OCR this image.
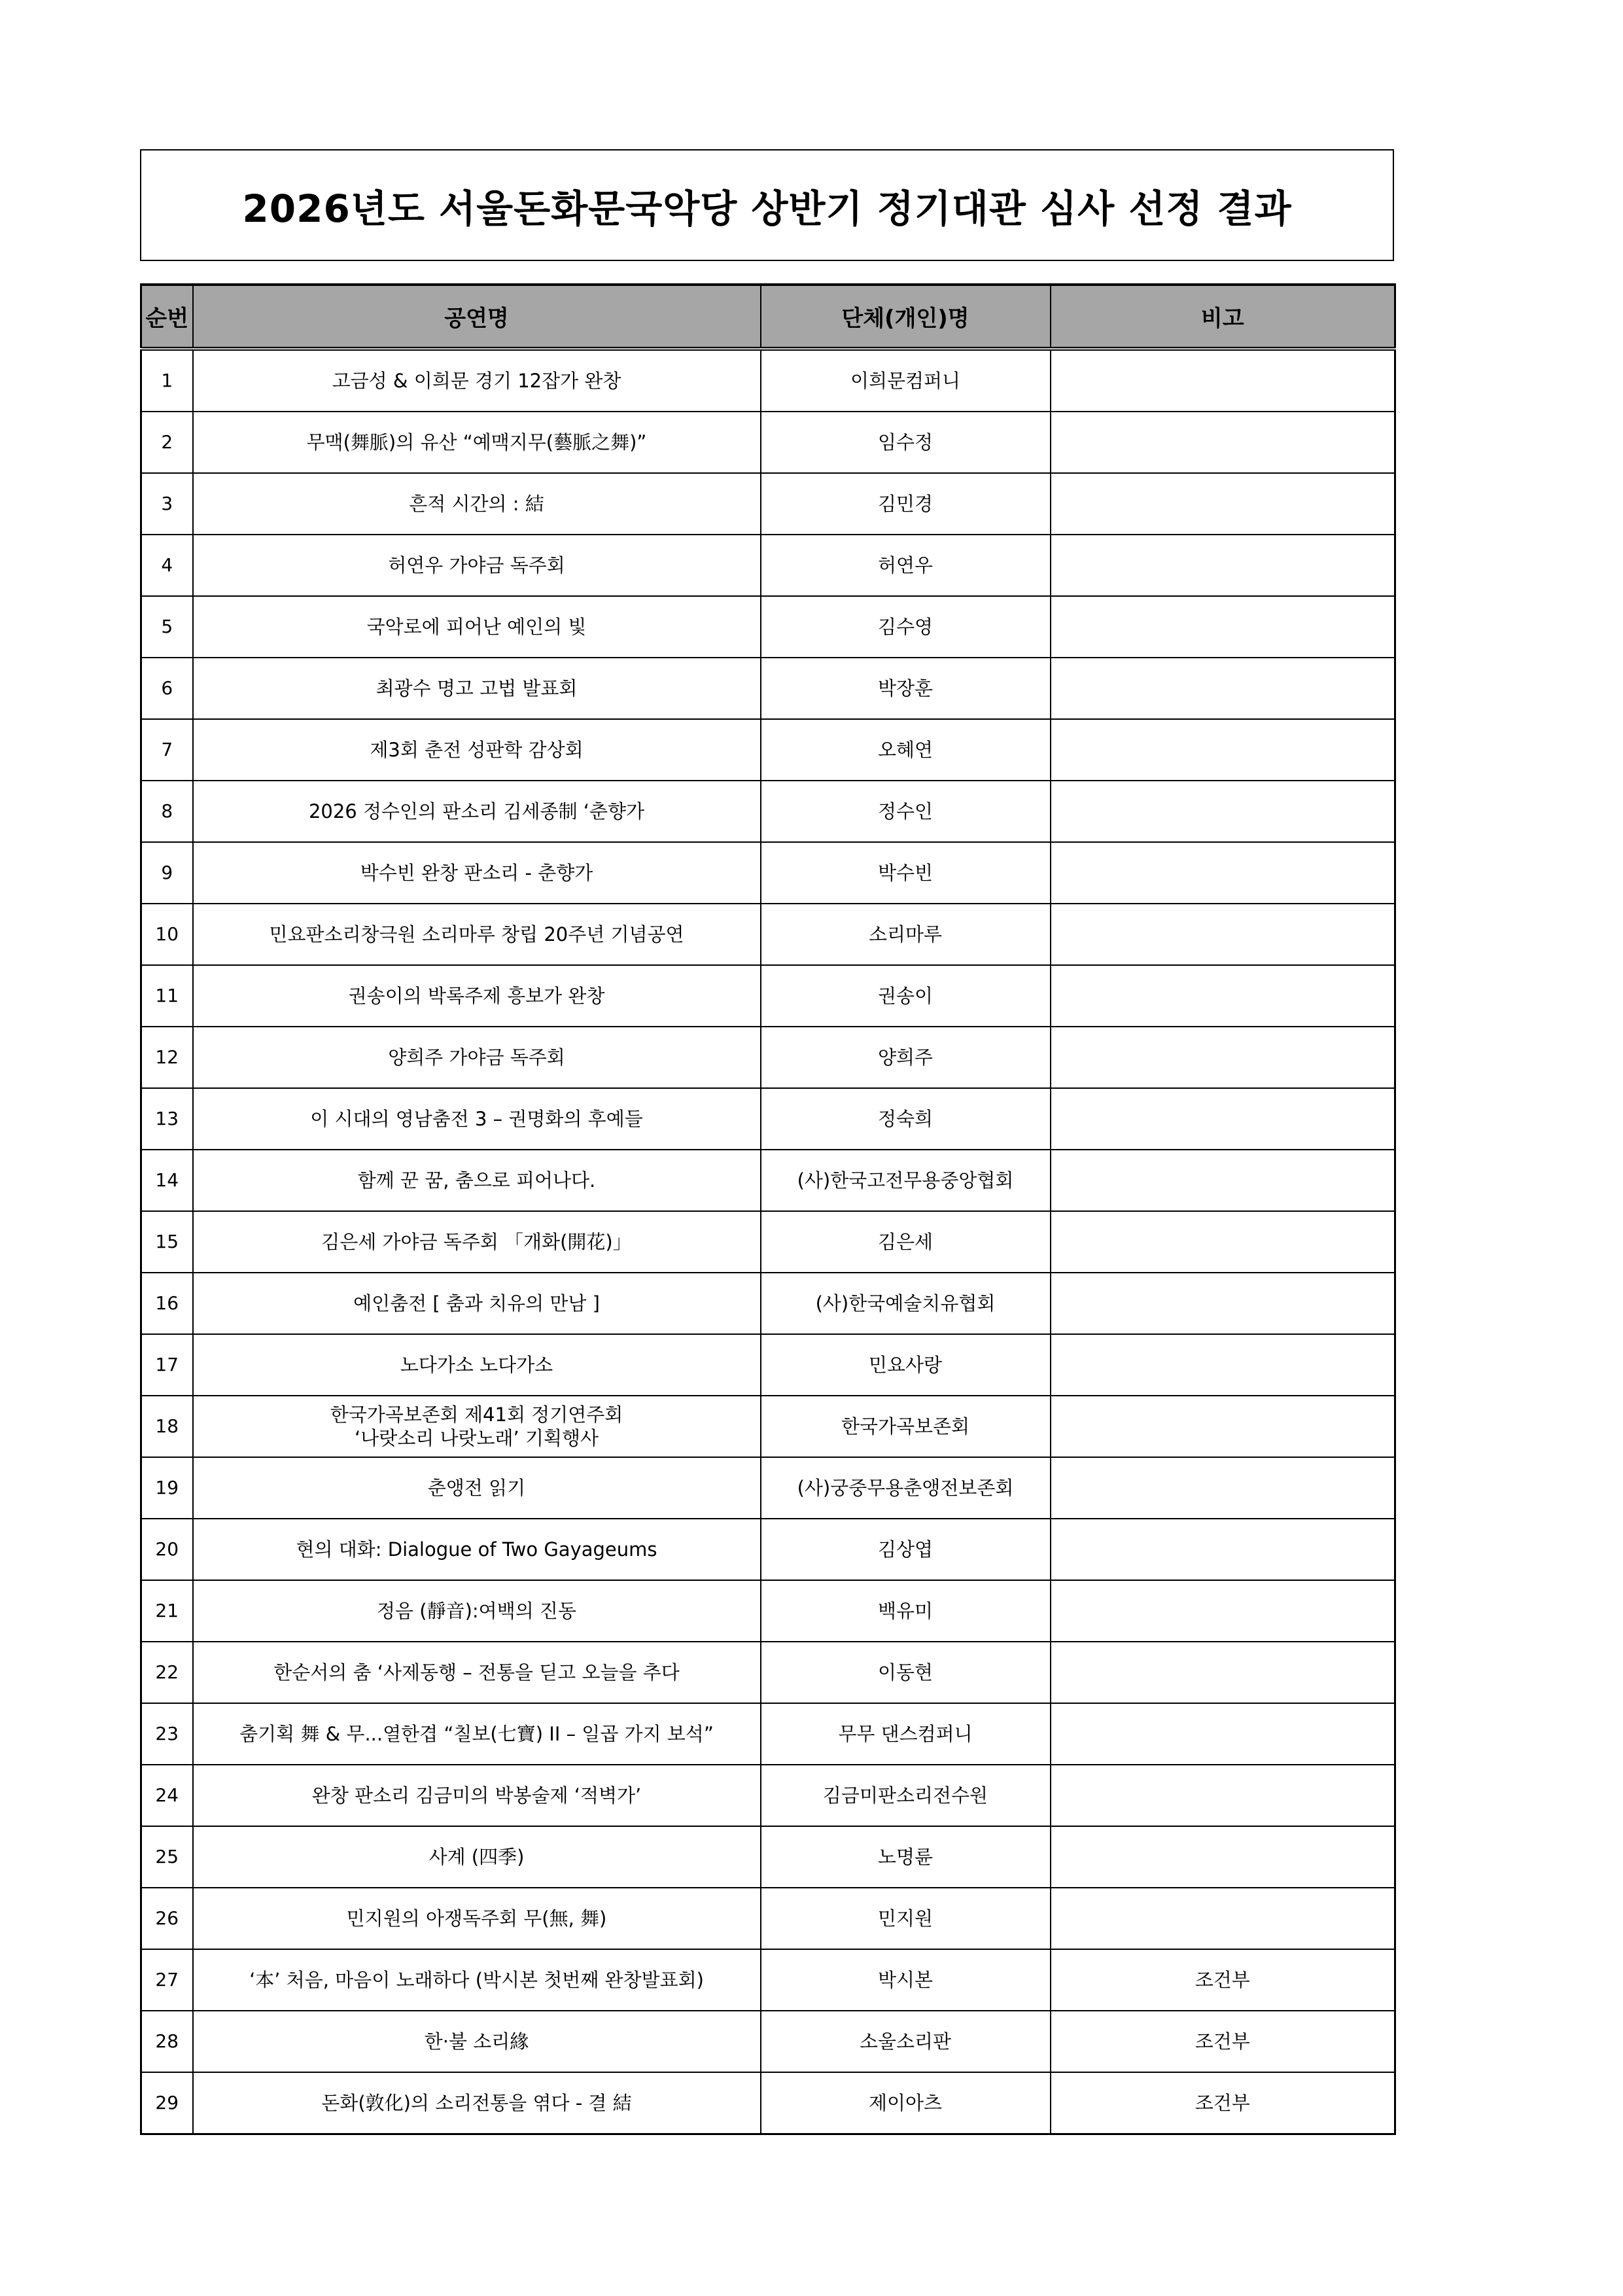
2026년도 서울돈화문국악당 상반기 정기대관 심사 선정 결과
순번	공연명	단체(개인)명	비고
1	고금성 & 이희문 경기 12잡가 완창	이희문컴퍼니	
2	무맥(舞脈)의 유산 “예맥지무(藝脈之舞)”	임수정	
3	흔적 시간의 : 結	김민경	
4	허연우 가야금 독주회	허연우	
5	국악로에 피어난 예인의 빛	김수영	
6	최광수 명고 고법 발표회	박장훈	
7	제3회 춘전 성판학 감상회	오혜연	
8	2026 정수인의 판소리 김세종制 ‘춘향가	정수인	
9	박수빈 완창 판소리 - 춘향가	박수빈	
10	민요판소리창극원 소리마루 창립 20주년 기념공연	소리마루	
11	권송이의 박록주제 흥보가 완창	권송이	
12	양희주 가야금 독주회	양희주	
13	이 시대의 영남춤전 3 – 권명화의 후예들	정숙희	
14	함께 꾼 꿈, 춤으로 피어나다.	(사)한국고전무용중앙협회	
15	김은세 가야금 독주회 「개화(開花)」	김은세	
16	예인춤전 [ 춤과 치유의 만남 ]	(사)한국예술치유협회	
17	노다가소 노다가소	민요사랑	
18	한국가곡보존회 제41회 정기연주회
‘나랏소리 나랏노래’ 기획행사	한국가곡보존회	
19	춘앵전 읽기	(사)궁중무용춘앵전보존회	
20	현의 대화: Dialogue of Two Gayageums	김상엽	
21	정음 (靜音):여백의 진동	백유미	
22	한순서의 춤 ‘사제동행 – 전통을 딛고 오늘을 추다	이동현	
23	춤기획 舞 & 무...열한겹 “칠보(七寶) II – 일곱 가지 보석”	무무 댄스컴퍼니	
24	완창 판소리 김금미의 박봉술제 ‘적벽가’	김금미판소리전수원	
25	사계 (四季)	노명륜	
26	민지원의 아쟁독주회 무(無, 舞)	민지원	
27	‘本’ 처음, 마음이 노래하다 (박시본 첫번째 완창발표회)	박시본	조건부
28	한·불 소리緣	소울소리판	조건부
29	돈화(敦化)의 소리전통을 엮다 - 결 結	제이아츠	조건부
